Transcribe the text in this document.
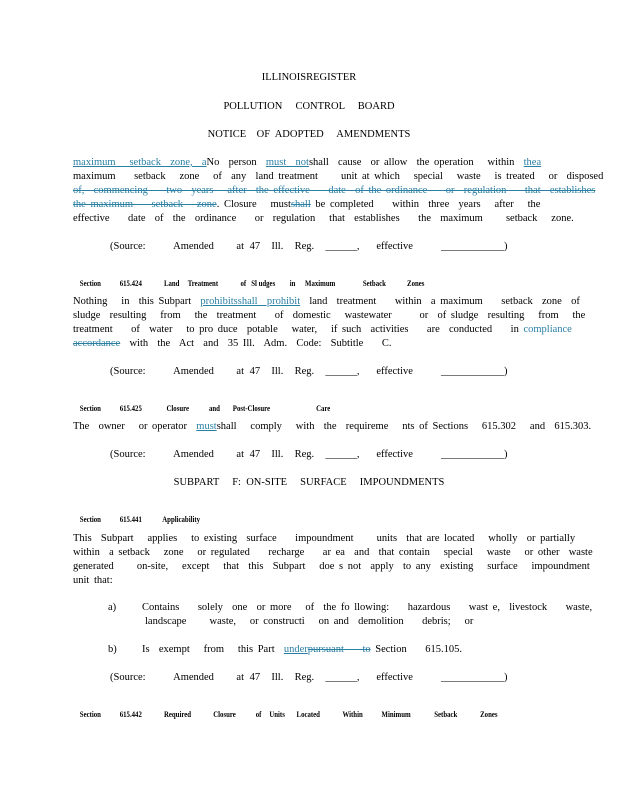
ILLINOISREGISTER
POLLUTION     CONTROL     BOARD
NOTICE    OF  ADOPTED     AMENDMENTS
maximum   setback  zone,  aNo  person  must  notshall  cause  or allow  the operation   within  thea
maximum    setback   zone   of  any  land treatment     unit at which   special   waste   is treated   or  disposed
of,  commencing    two  years   after  the effective    date  of the ordinance    or  regulation    that  establishes
the maximum    setback   zone. Closure   mustshall be completed    within  three  years   after   the
effective    date  of  the  ordinance    or  regulation   that  establishes    the  maximum     setback   zone.
(Source:     Amended    at 47  Ill.  Reg.  ______,   effective     ____________)

Section 615.424	Land Treatment	of   Sl udges in Maximum	Setback	Zones

Nothing   in  this Subpart  prohibitsshall  prohibit  land  treatment    within  a maximum    setback  zone  of
sludge  resulting   from   the  treatment    of  domestic   wastewater      or  of sludge  resulting   from   the
treatment    of  water   to pro duce  potable   water,   if such  activities    are  conducted    in compliance
accordance  with  the  Act  and  35 Ill.  Adm.  Code:  Subtitle    C.
(Source:     Amended    at 47  Ill.  Reg.  ______,   effective     ____________)

Section 615.425	Closure and Post-Closure	Care

The  owner   or operator  mustshall   comply   with  the  requireme   nts of Sections   615.302   and  615.303.
(Source:     Amended    at 47  Ill.  Reg.  ______,   effective     ____________)
SUBPART     F:  ON-SITE     SURFACE     IMPOUNDMENTS

Section 615.441	Applicability

This  Subpart   applies   to existing  surface    impoundment     units  that are located   wholly  or partially
within  a setback   zone   or regulated    recharge    ar ea  and  that contain   special   waste   or other  waste
generated     on-site,   except   that  this  Subpart   doe s not  apply  to any  existing   surface   impoundment
unit that:
a) Contains    solely  one  or more   of  the fo llowing:    hazardous    wast e,  livestock    waste,
landscape     waste,   or constructi   on and  demolition    debris;   or
b) Is  exempt   from   this Part  underpursuant    to Section    615.105.
(Source:     Amended    at 47  Ill.  Reg.  ______,   effective     ____________)

Section 615.442	Required	Closure of Units Located	Within Minimum	Setback	Zones
